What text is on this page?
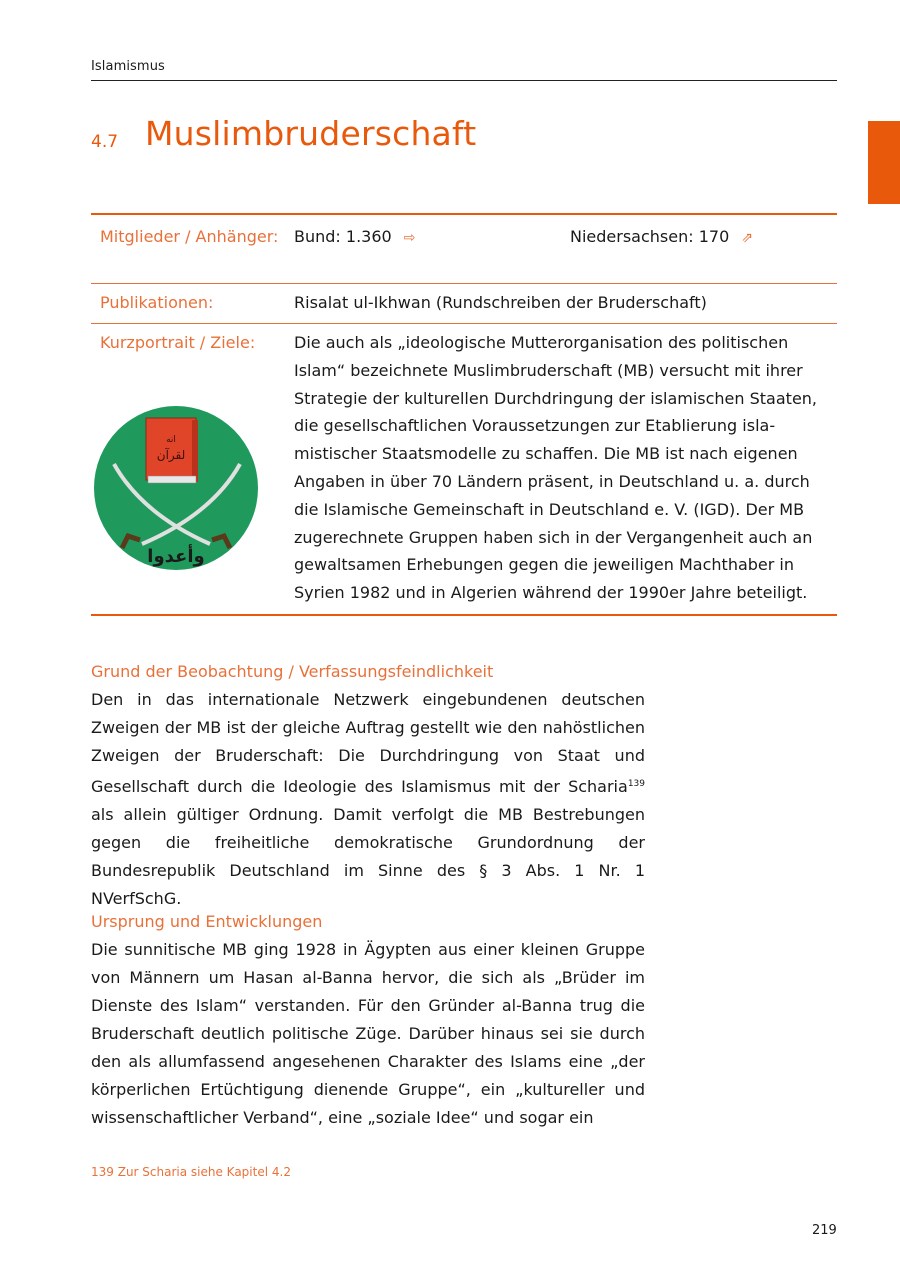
Islamismus
4.7 Muslimbruderschaft
Mitglieder / Anhänger: Bund: 1.360 ⇨	Niedersachsen: 170 ⇗
Publikationen:	Risalat ul-Ikhwan (Rundschreiben der Bruderschaft)
Kurzportrait / Ziele:
ﺍﻧﻪ
ﻟﻘﺮﺁﻥ
ﻭﺃﻋﺪﻭﺍ
Die auch als „ideologische Mutterorganisation des politischen Islam“ bezeichnete Muslimbruderschaft (MB) versucht mit ihrer Strategie der kulturellen Durchdringung der islamischen Staaten, die gesellschaftlichen Voraussetzungen zur Etablierung islamistischer Staatsmodelle zu schaffen. Die MB ist nach eigenen Angaben in über 70 Ländern präsent, in Deutschland u. a. durch die Islamische Gemeinschaft in Deutschland e. V. (IGD). Der MB zugerechnete Gruppen haben sich in der Vergangenheit auch an gewaltsamen Erhebungen gegen die jeweiligen Machthaber in Syrien 1982 und in Algerien während der 1990er Jahre beteiligt.
Grund der Beobachtung / Verfassungsfeindlichkeit

Den in das internationale Netzwerk eingebundenen deutschen Zweigen der MB ist der gleiche Auftrag gestellt wie den nahöstlichen Zweigen der Bruderschaft: Die Durchdringung von Staat und Gesellschaft durch die Ideologie des Islamismus mit der Scharia$^{139}$ als allein gültiger Ordnung. Damit verfolgt die MB Bestrebungen gegen die freiheitliche demokratische Grundordnung der Bundesrepublik Deutschland im Sinne des § 3 Abs. 1 Nr. 1 NVerfSchG.

Ursprung und Entwicklungen

Die sunnitische MB ging 1928 in Ägypten aus einer kleinen Gruppe von Männern um Hasan al-Banna hervor, die sich als „Brüder im Dienste des Islam“ verstanden. Für den Gründer al-Banna trug die Bruderschaft deutlich politische Züge. Darüber hinaus sei sie durch den als allumfassend angesehenen Charakter des Islams eine „der körperlichen Ertüchtigung dienende Gruppe“, ein „kultureller und wissenschaftlicher Verband“, eine „soziale Idee“ und sogar ein

139 Zur Scharia siehe Kapitel 4.2
219
